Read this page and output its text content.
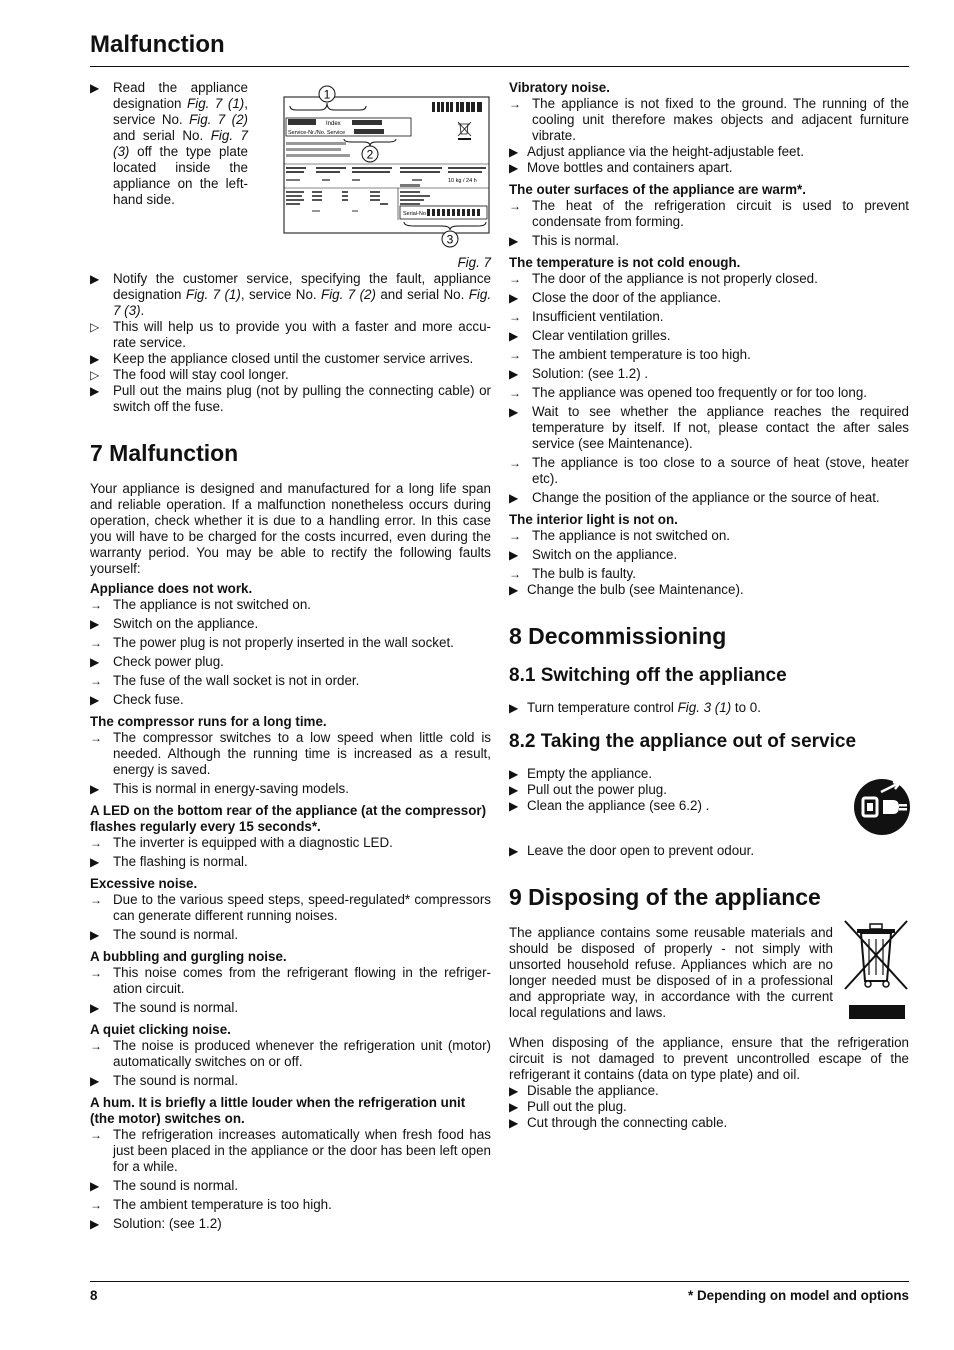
Malfunction
▶	Read the appliance designation Fig. 7 (1), service No. Fig. 7 (2) and serial No. Fig. 7 (3) off the type plate located inside the appliance on the left-hand side.
1
Index
Service-Nr./No. Service
2
10 kg / 24 h
Serial-No
3
Fig. 7
▶	Notify the customer service, specifying the fault, appliance designation Fig. 7 (1), service No. Fig. 7 (2) and serial No. Fig. 7 (3).
▷	This will help us to provide you with a faster and more accu-rate service.
▶	Keep the appliance closed until the customer service arrives.
▷	The food will stay cool longer.
▶	Pull out the mains plug (not by pulling the connecting cable) or switch off the fuse.
7 Malfunction

Your appliance is designed and manufactured for a long life span and reliable operation. If a malfunction nonetheless occurs during operation, check whether it is due to a handling error. In this case you will have to be charged for the costs incurred, even during the warranty period. You may be able to rectify the following faults yourself:

Appliance does not work.
→ The appliance is not switched on.
▶	Switch on the appliance.
→ The power plug is not properly inserted in the wall socket.
▶	Check power plug.
→ The fuse of the wall socket is not in order.
▶	Check fuse.
The compressor runs for a long time.
→ The compressor switches to a low speed when little cold is needed. Although the running time is increased as a result, energy is saved.
▶	This is normal in energy-saving models.
A LED on the bottom rear of the appliance (at the compressor) flashes regularly every 15 seconds*.
→ The inverter is equipped with a diagnostic LED.
▶	The flashing is normal.
Excessive noise.
→ Due to the various speed steps, speed-regulated* compressors can generate different running noises.
▶	The sound is normal.
A bubbling and gurgling noise.
→ This noise comes from the refrigerant flowing in the refriger-ation circuit.
▶	The sound is normal.
A quiet clicking noise.
→ The noise is produced whenever the refrigeration unit (motor) automatically switches on or off.
▶	The sound is normal.
A hum. It is briefly a little louder when the refrigeration unit (the motor) switches on.
→ The refrigeration increases automatically when fresh food has just been placed in the appliance or the door has been left open for a while.
▶	The sound is normal.
→ The ambient temperature is too high.
▶	Solution: (see 1.2)
Vibratory noise.
→ The appliance is not fixed to the ground. The running of the cooling unit therefore makes objects and adjacent furniture vibrate.
▶ Adjust appliance via the height-adjustable feet.
▶ Move bottles and containers apart.
The outer surfaces of the appliance are warm*.
→ The heat of the refrigeration circuit is used to prevent condensate from forming.
▶	This is normal.
The temperature is not cold enough.
→ The door of the appliance is not properly closed.
▶	Close the door of the appliance.
→ Insufficient ventilation.
▶	Clear ventilation grilles.
→ The ambient temperature is too high.
▶	Solution: (see 1.2) .
→ The appliance was opened too frequently or for too long.
▶	Wait to see whether the appliance reaches the required temperature by itself. If not, please contact the after sales service (see Maintenance).
→ The appliance is too close to a source of heat (stove, heater etc).
▶	Change the position of the appliance or the source of heat.
The interior light is not on.
→ The appliance is not switched on.
▶	Switch on the appliance.
→ The bulb is faulty.
▶ Change the bulb (see Maintenance).
8 Decommissioning
8.1 Switching off the appliance
▶ Turn temperature control Fig. 3 (1) to 0.
8.2 Taking the appliance out of service
▶ Empty the appliance.
▶ Pull out the power plug.
▶ Clean the appliance (see 6.2) .
▶ Leave the door open to prevent odour.
9 Disposing of the appliance

The appliance contains some reusable materials and should be disposed of properly - not simply with unsorted household refuse. Appliances which are no longer needed must be disposed of in a professional and appropriate way, in accordance with the current local regulations and laws.

When disposing of the appliance, ensure that the refrigeration circuit is not damaged to prevent uncontrolled escape of the refrigerant it contains (data on type plate) and oil.

▶ Disable the appliance.
▶ Pull out the plug.
▶ Cut through the connecting cable.
8	* Depending on model and options
